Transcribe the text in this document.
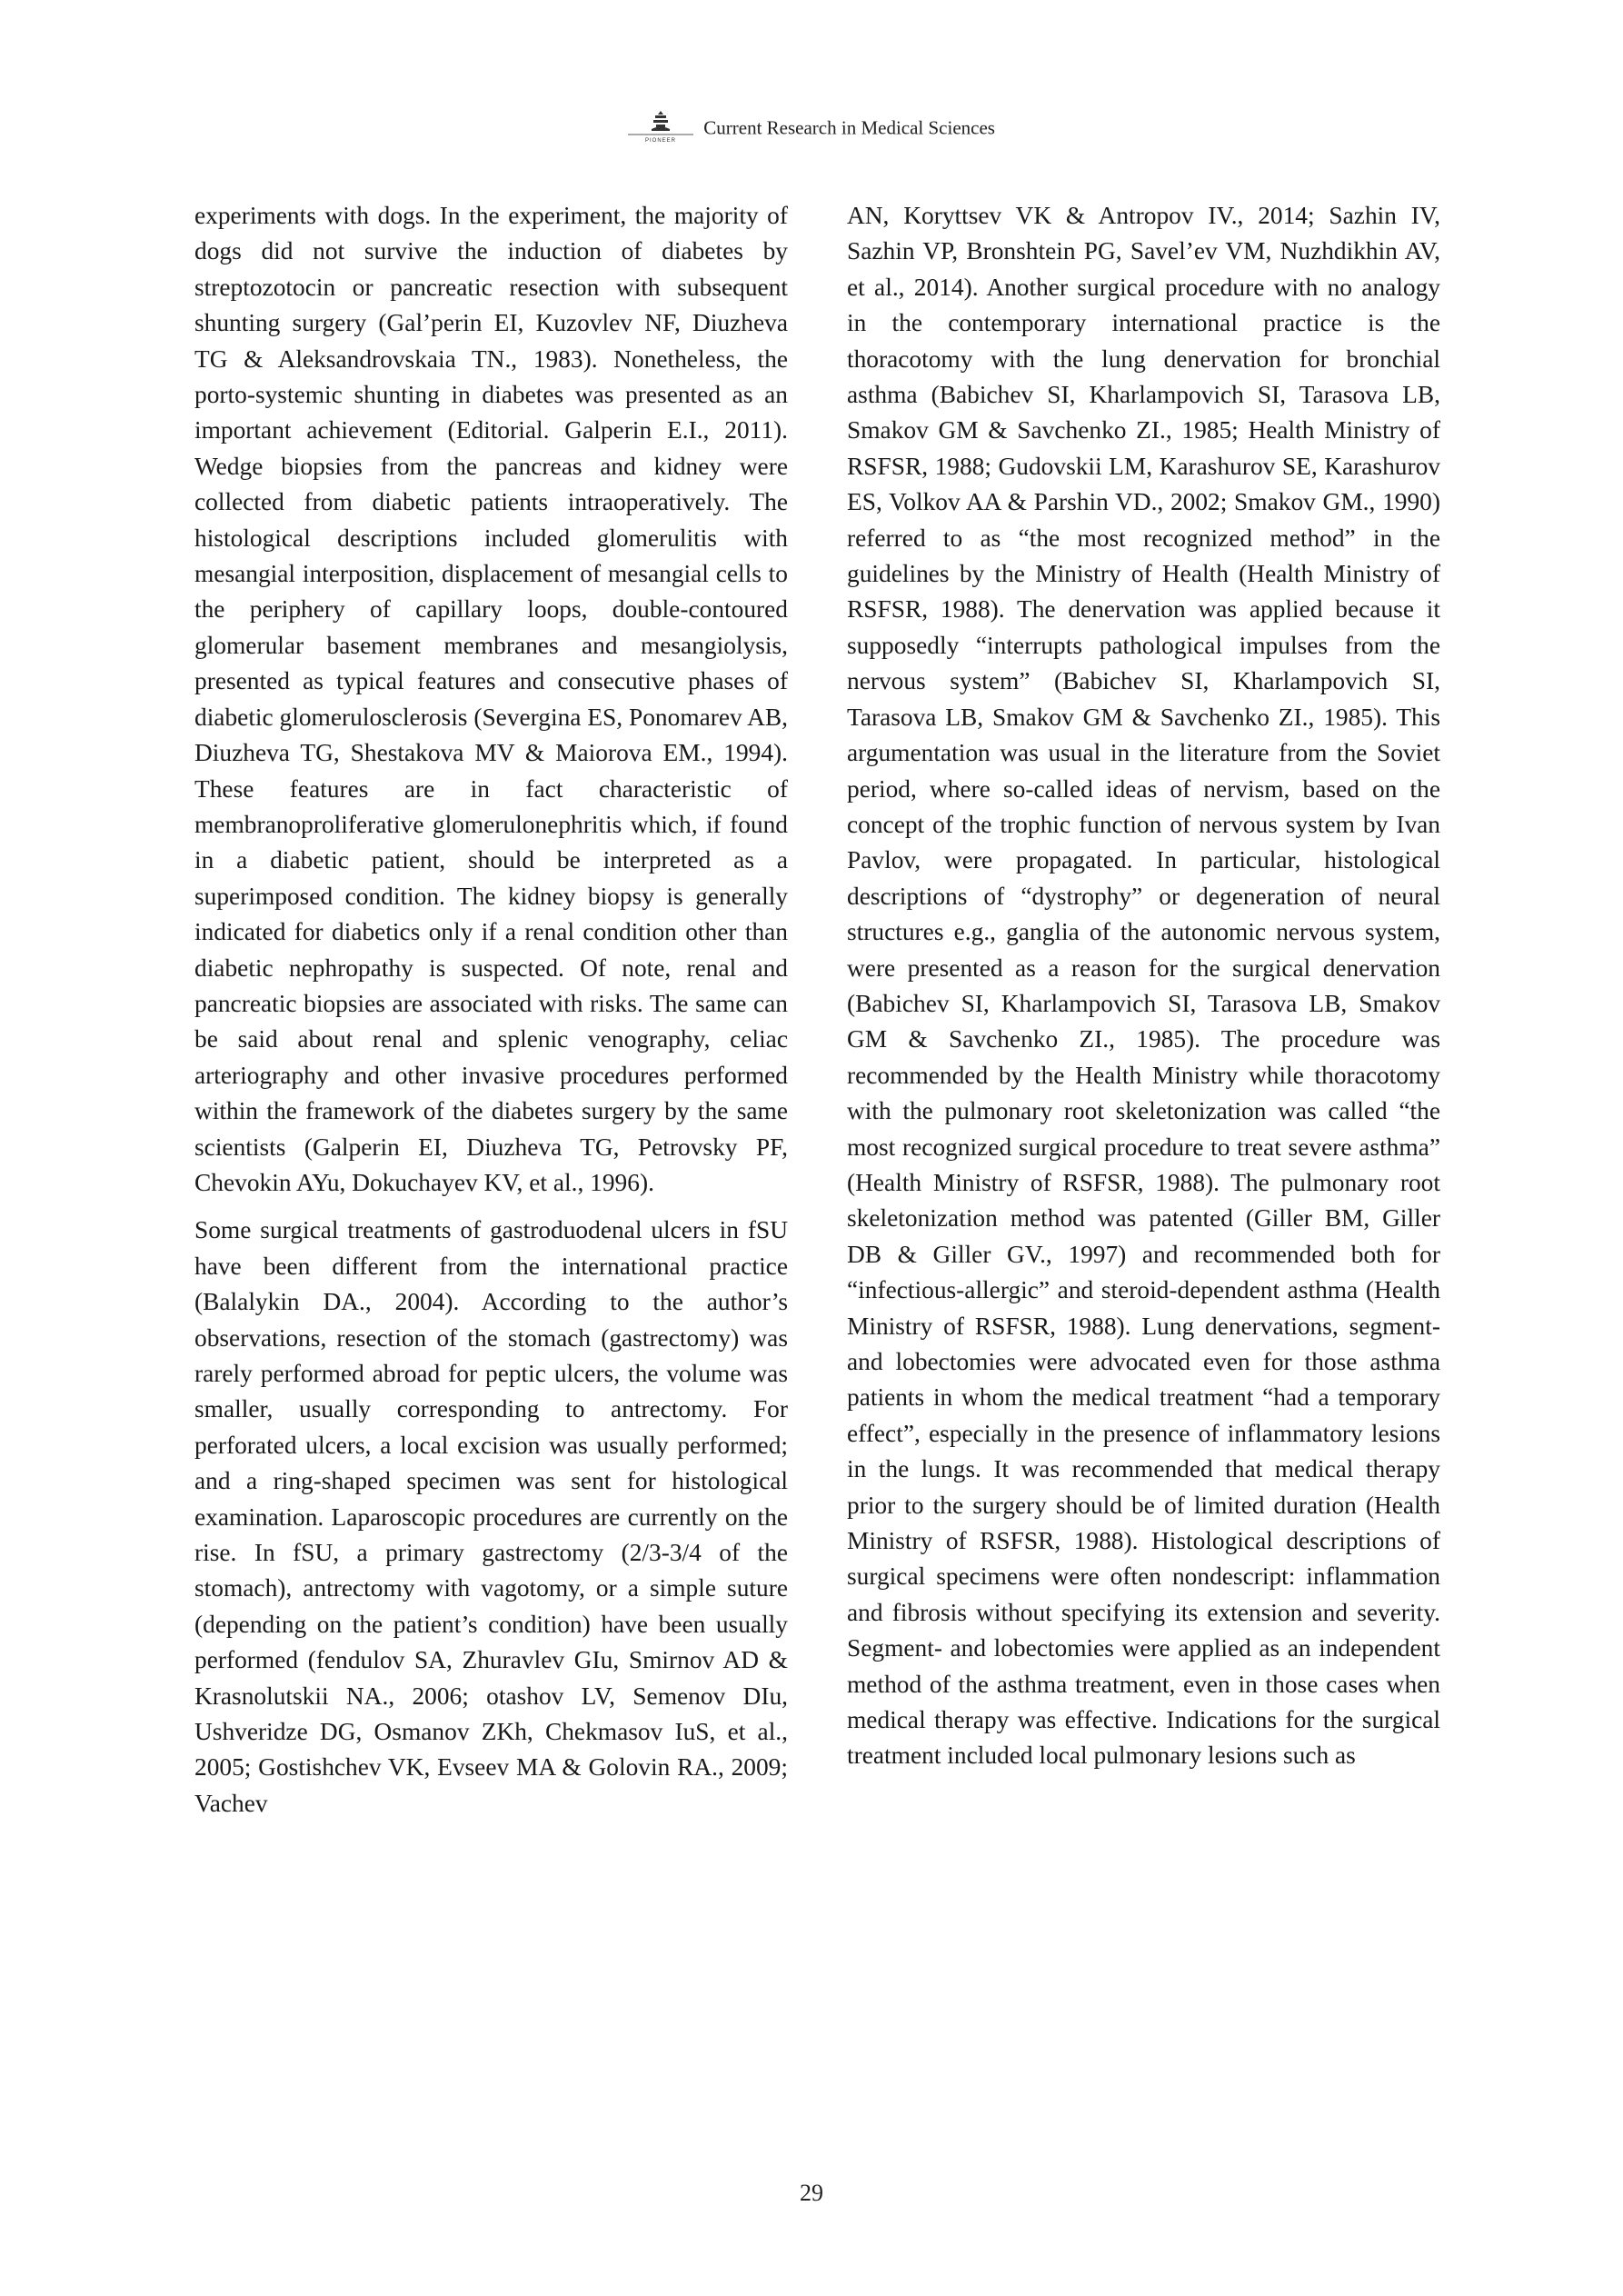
PIONEER
Current Research in Medical Sciences

experiments with dogs. In the experiment, the majority of dogs did not survive the induction of diabetes by streptozotocin or pancreatic resection with subsequent shunting surgery (Gal’perin EI, Kuzovlev NF, Diuzheva TG & Aleksandrovskaia TN., 1983). Nonetheless, the porto-systemic shunting in diabetes was presented as an important achievement (Editorial. Galperin E.I., 2011). Wedge biopsies from the pancreas and kidney were collected from diabetic patients intraoperatively. The histological descriptions included glomerulitis with mesangial interposition, displacement of mesangial cells to the periphery of capillary loops, double-contoured glomerular basement membranes and mesangiolysis, presented as typical features and consecutive phases of diabetic glomerulosclerosis (Severgina ES, Ponomarev AB, Diuzheva TG, Shestakova MV & Maiorova EM., 1994). These features are in fact characteristic of membranoproliferative glomerulonephritis which, if found in a diabetic patient, should be interpreted as a superimposed condition. The kidney biopsy is generally indicated for diabetics only if a renal condition other than diabetic nephropathy is suspected. Of note, renal and pancreatic biopsies are associated with risks. The same can be said about renal and splenic venography, celiac arteriography and other invasive procedures performed within the framework of the diabetes surgery by the same scientists (Galperin EI, Diuzheva TG, Petrovsky PF, Chevokin AYu, Dokuchayev KV, et al., 1996).

Some surgical treatments of gastroduodenal ulcers in fSU have been different from the international practice (Balalykin DA., 2004). According to the author’s observations, resection of the stomach (gastrectomy) was rarely performed abroad for peptic ulcers, the volume was smaller, usually corresponding to antrectomy. For perforated ulcers, a local excision was usually performed; and a ring-shaped specimen was sent for histological examination. Laparoscopic procedures are currently on the rise. In fSU, a primary gastrectomy (2/3-3/4 of the stomach), antrectomy with vagotomy, or a simple suture (depending on the patient’s condition) have been usually performed (fendulov SA, Zhuravlev GIu, Smirnov AD & Krasnolutskii NA., 2006; otashov LV, Semenov DIu, Ushveridze DG, Osmanov ZKh, Chekmasov IuS, et al., 2005; Gostishchev VK, Evseev MA & Golovin RA., 2009; Vachev

AN, Koryttsev VK & Antropov IV., 2014; Sazhin IV, Sazhin VP, Bronshtein PG, Savel’ev VM, Nuzhdikhin AV, et al., 2014). Another surgical procedure with no analogy in the contemporary international practice is the thoracotomy with the lung denervation for bronchial asthma (Babichev SI, Kharlampovich SI, Tarasova LB, Smakov GM & Savchenko ZI., 1985; Health Ministry of RSFSR, 1988; Gudovskii LM, Karashurov SE, Karashurov ES, Volkov AA & Parshin VD., 2002; Smakov GM., 1990) referred to as “the most recognized method” in the guidelines by the Ministry of Health (Health Ministry of RSFSR, 1988). The denervation was applied because it supposedly “interrupts pathological impulses from the nervous system” (Babichev SI, Kharlampovich SI, Tarasova LB, Smakov GM & Savchenko ZI., 1985). This argumentation was usual in the literature from the Soviet period, where so-called ideas of nervism, based on the concept of the trophic function of nervous system by Ivan Pavlov, were propagated. In particular, histological descriptions of “dystrophy” or degeneration of neural structures e.g., ganglia of the autonomic nervous system, were presented as a reason for the surgical denervation (Babichev SI, Kharlampovich SI, Tarasova LB, Smakov GM & Savchenko ZI., 1985). The procedure was recommended by the Health Ministry while thoracotomy with the pulmonary root skeletonization was called “the most recognized surgical procedure to treat severe asthma” (Health Ministry of RSFSR, 1988). The pulmonary root skeletonization method was patented (Giller BM, Giller DB & Giller GV., 1997) and recommended both for “infectious-allergic” and steroid-dependent asthma (Health Ministry of RSFSR, 1988). Lung denervations, segment- and lobectomies were advocated even for those asthma patients in whom the medical treatment “had a temporary effect”, especially in the presence of inflammatory lesions in the lungs. It was recommended that medical therapy prior to the surgery should be of limited duration (Health Ministry of RSFSR, 1988). Histological descriptions of surgical specimens were often nondescript: inflammation and fibrosis without specifying its extension and severity. Segment- and lobectomies were applied as an independent method of the asthma treatment, even in those cases when medical therapy was effective. Indications for the surgical treatment included local pulmonary lesions such as

29
